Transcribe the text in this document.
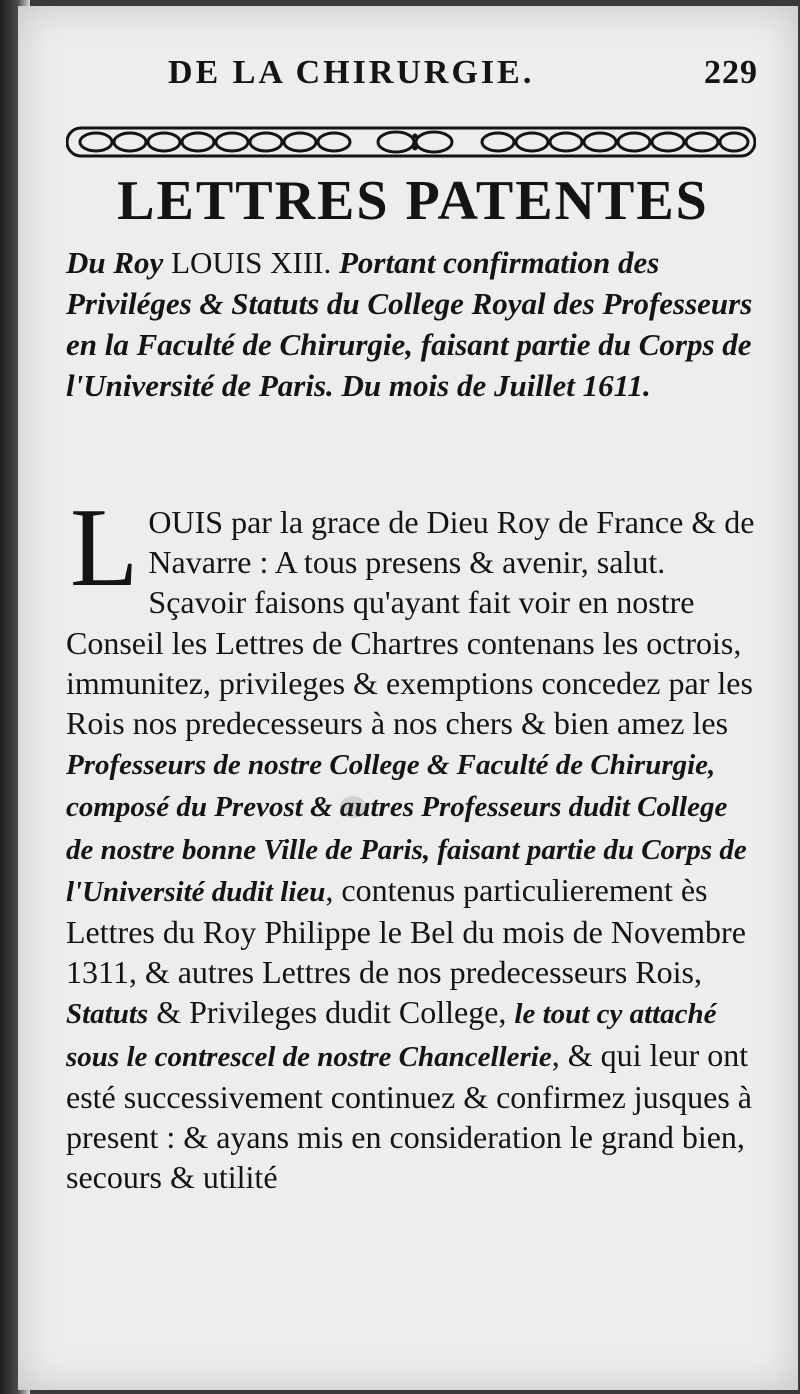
DE LA CHIRURGIE.	229
LETTRES PATENTES
Du Roy LOUIS XIII. Portant confirmation des Priviléges & Statuts du College Royal des Professeurs en la Faculté de Chirurgie, faisant partie du Corps de l'Université de Paris. Du mois de Juillet 1611.
LOUIS par la grace de Dieu Roy de France & de Navarre : A tous presens & avenir, salut. Sçavoir faisons qu'ayant fait voir en nostre Conseil les Lettres de Chartres contenans les octrois, immunitez, privileges & exemptions concedez par les Rois nos predecesseurs à nos chers & bien amez les Professeurs de nostre College & Faculté de Chirurgie, composé du Prevost & autres Professeurs dudit College de nostre bonne Ville de Paris, faisant partie du Corps de l'Université dudit lieu, contenus particulierement ès Lettres du Roy Philippe le Bel du mois de Novembre 1311, & autres Lettres de nos predecesseurs Rois, Statuts & Privileges dudit College, le tout cy attaché sous le contrescel de nostre Chancellerie, & qui leur ont esté successivement continuez & confirmez jusques à present : & ayans mis en consideration le grand bien, secours & utilité
